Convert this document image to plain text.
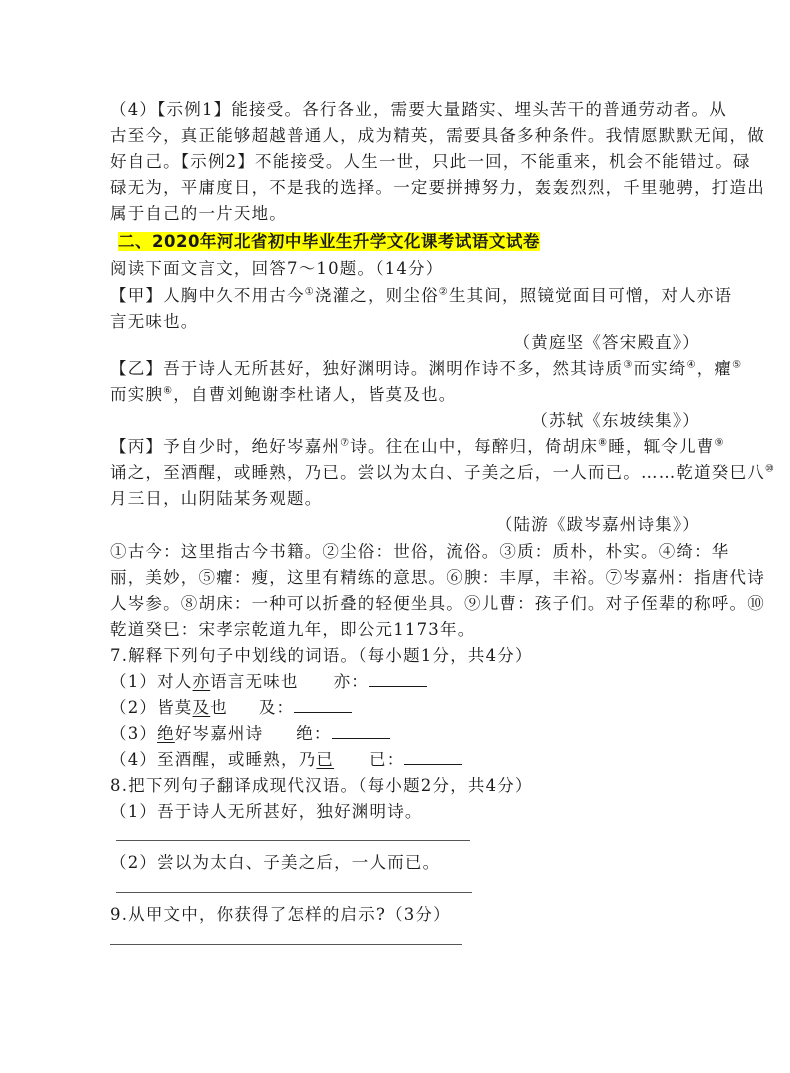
（4）【示例1】能接受。各行各业，需要大量踏实、埋头苦干的普通劳动者。从
古至今，真正能够超越普通人，成为精英，需要具备多种条件。我情愿默默无闻，做
好自己。【示例2】不能接受。人生一世，只此一回，不能重来，机会不能错过。碌
碌无为，平庸度日，不是我的选择。一定要拼搏努力，轰轰烈烈，千里驰骋，打造出
属于自己的一片天地。
二、2020年河北省初中毕业生升学文化课考试语文试卷
阅读下面文言文，回答7～10题。（14分）
【甲】人胸中久不用古今①浇灌之，则尘俗②生其间，照镜觉面目可憎，对人亦语
言无味也。
（黄庭坚《答宋殿直》）
【乙】吾于诗人无所甚好，独好渊明诗。渊明作诗不多，然其诗质③而实绮④，癯⑤
而实腴⑥，自曹刘鲍谢李杜诸人，皆莫及也。
（苏轼《东坡续集》）
【丙】予自少时，绝好岑嘉州⑦诗。往在山中，每醉归，倚胡床⑧睡，辄令儿曹⑨
诵之，至酒醒，或睡熟，乃已。尝以为太白、子美之后，一人而已。……乾道癸巳八⑩
月三日，山阴陆某务观题。
（陆游《跋岑嘉州诗集》）
①古今：这里指古今书籍。②尘俗：世俗，流俗。③质：质朴，朴实。④绮：华
丽，美妙，⑤癯：瘦，这里有精练的意思。⑥腴：丰厚，丰裕。⑦岑嘉州：指唐代诗
人岑参。⑧胡床：一种可以折叠的轻便坐具。⑨儿曹：孩子们。对子侄辈的称呼。⑩
乾道癸巳：宋孝宗乾道九年，即公元1173年。
7.解释下列句子中划线的词语。（每小题1分，共4分）
（1）对人亦语言无味也 亦：
（2）皆莫及也 及：
（3）绝好岑嘉州诗 绝：
（4）至酒醒，或睡熟，乃已 已：
8.把下列句子翻译成现代汉语。（每小题2分，共4分）
（1）吾于诗人无所甚好，独好渊明诗。
（2）尝以为太白、子美之后，一人而已。
9.从甲文中，你获得了怎样的启示?（3分）
